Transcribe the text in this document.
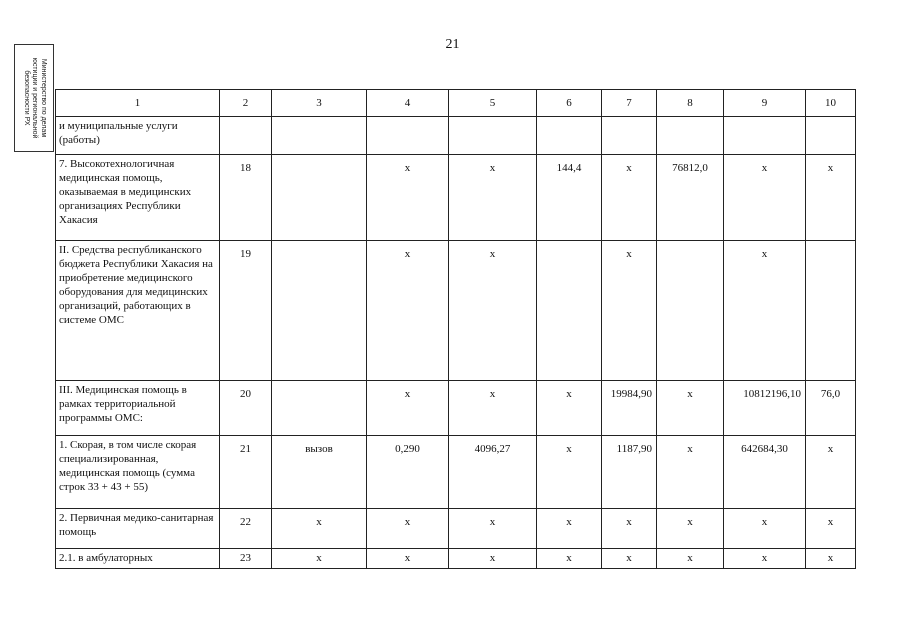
21
Министерство по делам
юстиции и региональной
безопасности РХ	1	2	3	4	5	6	7	8	9	10
и муниципальные услуги (работы)									
7. Высокотехнологичная медицинская помощь, оказываемая в медицинских организациях Республики Хакасия	18		х	х	144,4	х	76812,0	х	х
II. Средства республиканского бюджета Республики Хакасия на приобретение медицинского оборудования для медицинских организаций, работающих в системе ОМС	19		х	х		х		х	
III. Медицинская помощь в рамках территориальной программы ОМС:	20		х	х	х	19984,90	х	10812196,10	76,0
1. Скорая, в том числе скорая специализированная, медицинская помощь (сумма строк 33 + 43 + 55)	21	вызов	0,290	4096,27	х	1187,90	х	642684,30	х
2. Первичная медико-санитарная помощь	22	х	х	х	х	х	х	х	х
2.1. в амбулаторных	23	х	х	х	х	х	х	х	х
